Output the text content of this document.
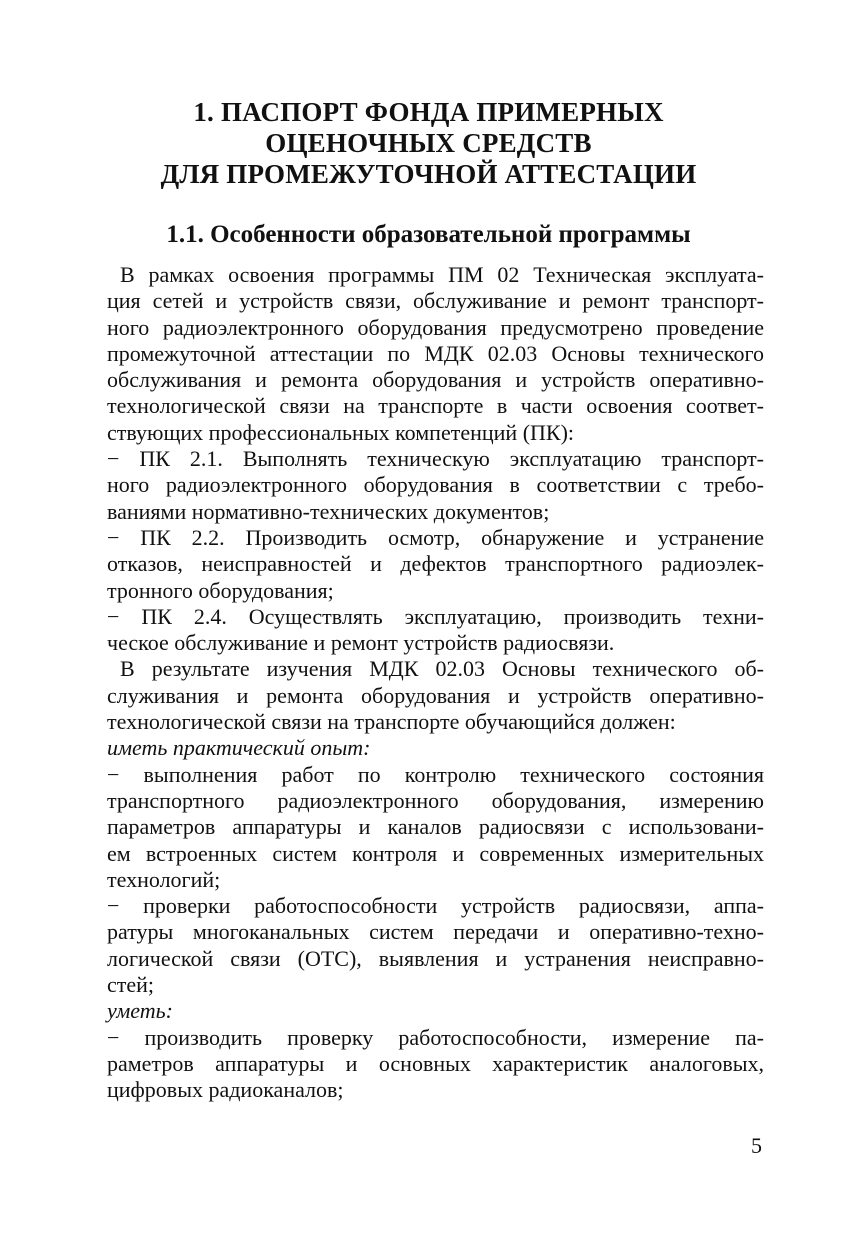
1. ПАСПОРТ ФОНДА ПРИМЕРНЫХ
ОЦЕНОЧНЫХ СРЕДСТВ
ДЛЯ ПРОМЕЖУТОЧНОЙ АТТЕСТАЦИИ
1.1. Особенности образовательной программы
В рамках освоения программы ПМ 02 Техническая эксплуата-
ция сетей и устройств связи, обслуживание и ремонт транспорт-
ного радиоэлектронного оборудования предусмотрено проведение
промежуточной аттестации по МДК 02.03 Основы технического
обслуживания и ремонта оборудования и устройств оперативно-
технологической связи на транспорте в части освоения соответ-
ствующих профессиональных компетенций (ПК):
− ПК 2.1. Выполнять техническую эксплуатацию транспорт-
ного радиоэлектронного оборудования в соответствии с требо-
ваниями нормативно-технических документов;
− ПК 2.2. Производить осмотр, обнаружение и устранение
отказов, неисправностей и дефектов транспортного радиоэлек-
тронного оборудования;
− ПК 2.4. Осуществлять эксплуатацию, производить техни-
ческое обслуживание и ремонт устройств радиосвязи.
В результате изучения МДК 02.03 Основы технического об-
служивания и ремонта оборудования и устройств оперативно-
технологической связи на транспорте обучающийся должен:
иметь практический опыт:
− выполнения работ по контролю технического состояния
транспортного радиоэлектронного оборудования, измерению
параметров аппаратуры и каналов радиосвязи с использовани-
ем встроенных систем контроля и современных измерительных
технологий;
− проверки работоспособности устройств радиосвязи, аппа-
ратуры многоканальных систем передачи и оперативно-техно-
логической связи (ОТС), выявления и устранения неисправно-
стей;
уметь:
− производить проверку работоспособности, измерение па-
раметров аппаратуры и основных характеристик аналоговых,
цифровых радиоканалов;
5
